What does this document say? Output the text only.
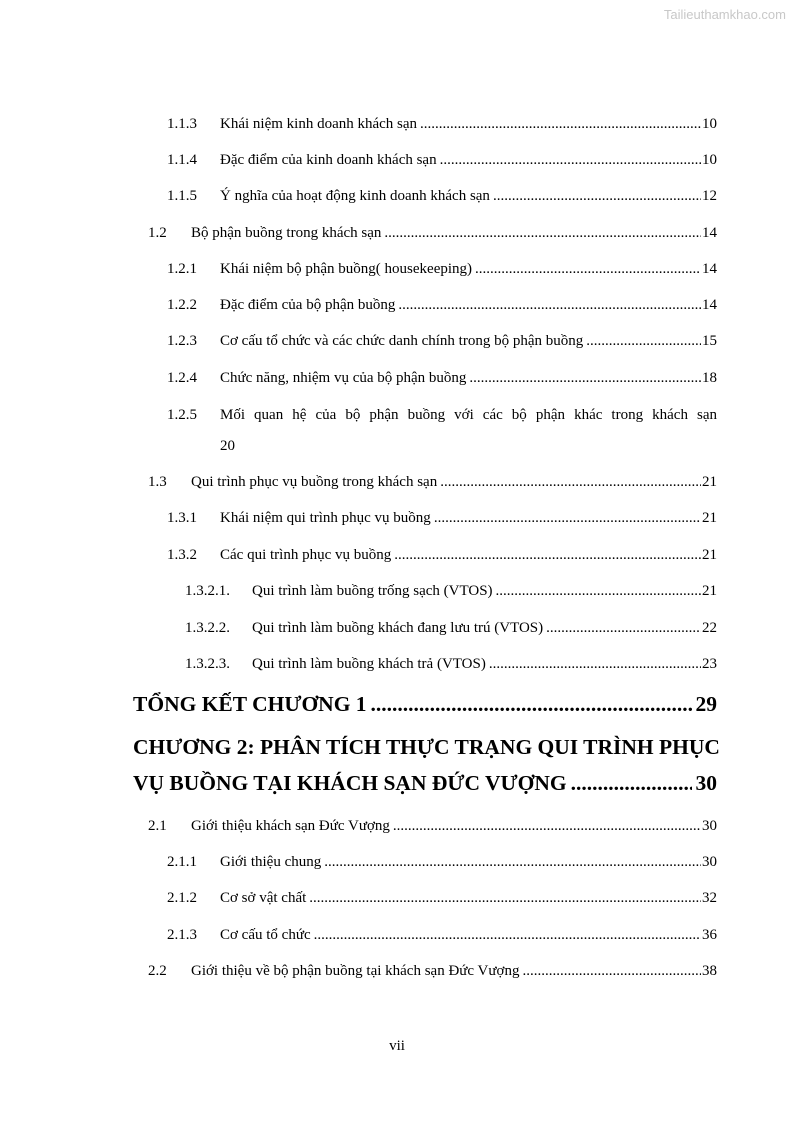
Tailieuthamkhao.com
1.1.3	Khái niệm kinh doanh khách sạn .....	10
1.1.4	Đặc điểm của kinh doanh khách sạn .....	10
1.1.5	Ý nghĩa của hoạt động kinh doanh khách sạn .....	12
1.2	Bộ phận buồng trong khách sạn .....	14
1.2.1	Khái niệm bộ phận buồng( housekeeping) .....	14
1.2.2	Đặc điểm của bộ phận buồng .....	14
1.2.3	Cơ cấu tổ chức và các chức danh chính trong bộ phận buồng .....	15
1.2.4	Chức năng, nhiệm vụ của bộ phận buồng .....	18
1.2.5 Mối quan hệ của bộ phận buồng với các bộ phận khác trong khách sạn
20
1.3	Qui trình phục vụ buồng trong khách sạn .....	21
1.3.1	Khái niệm qui trình phục vụ buồng .....	21
1.3.2	Các qui trình phục vụ buồng .....	21
1.3.2.1.	Qui trình làm buồng trống sạch (VTOS) .....	21
1.3.2.2.	Qui trình làm buồng khách đang lưu trú (VTOS) .....	22
1.3.2.3.	Qui trình làm buồng khách trả (VTOS) .....	23
TỔNG KẾT CHƯƠNG 1 .....	29
CHƯƠNG 2: PHÂN TÍCH THỰC TRẠNG QUI TRÌNH PHỤC
VỤ BUỒNG TẠI KHÁCH SẠN ĐỨC VƯỢNG .....	30
2.1	Giới thiệu khách sạn Đức Vượng .....	30
2.1.1	Giới thiệu chung .....	30
2.1.2	Cơ sở vật chất .....	32
2.1.3	Cơ cấu tổ chức .....	36
2.2	Giới thiệu về bộ phận buồng tại khách sạn Đức Vượng .....	38
vii
